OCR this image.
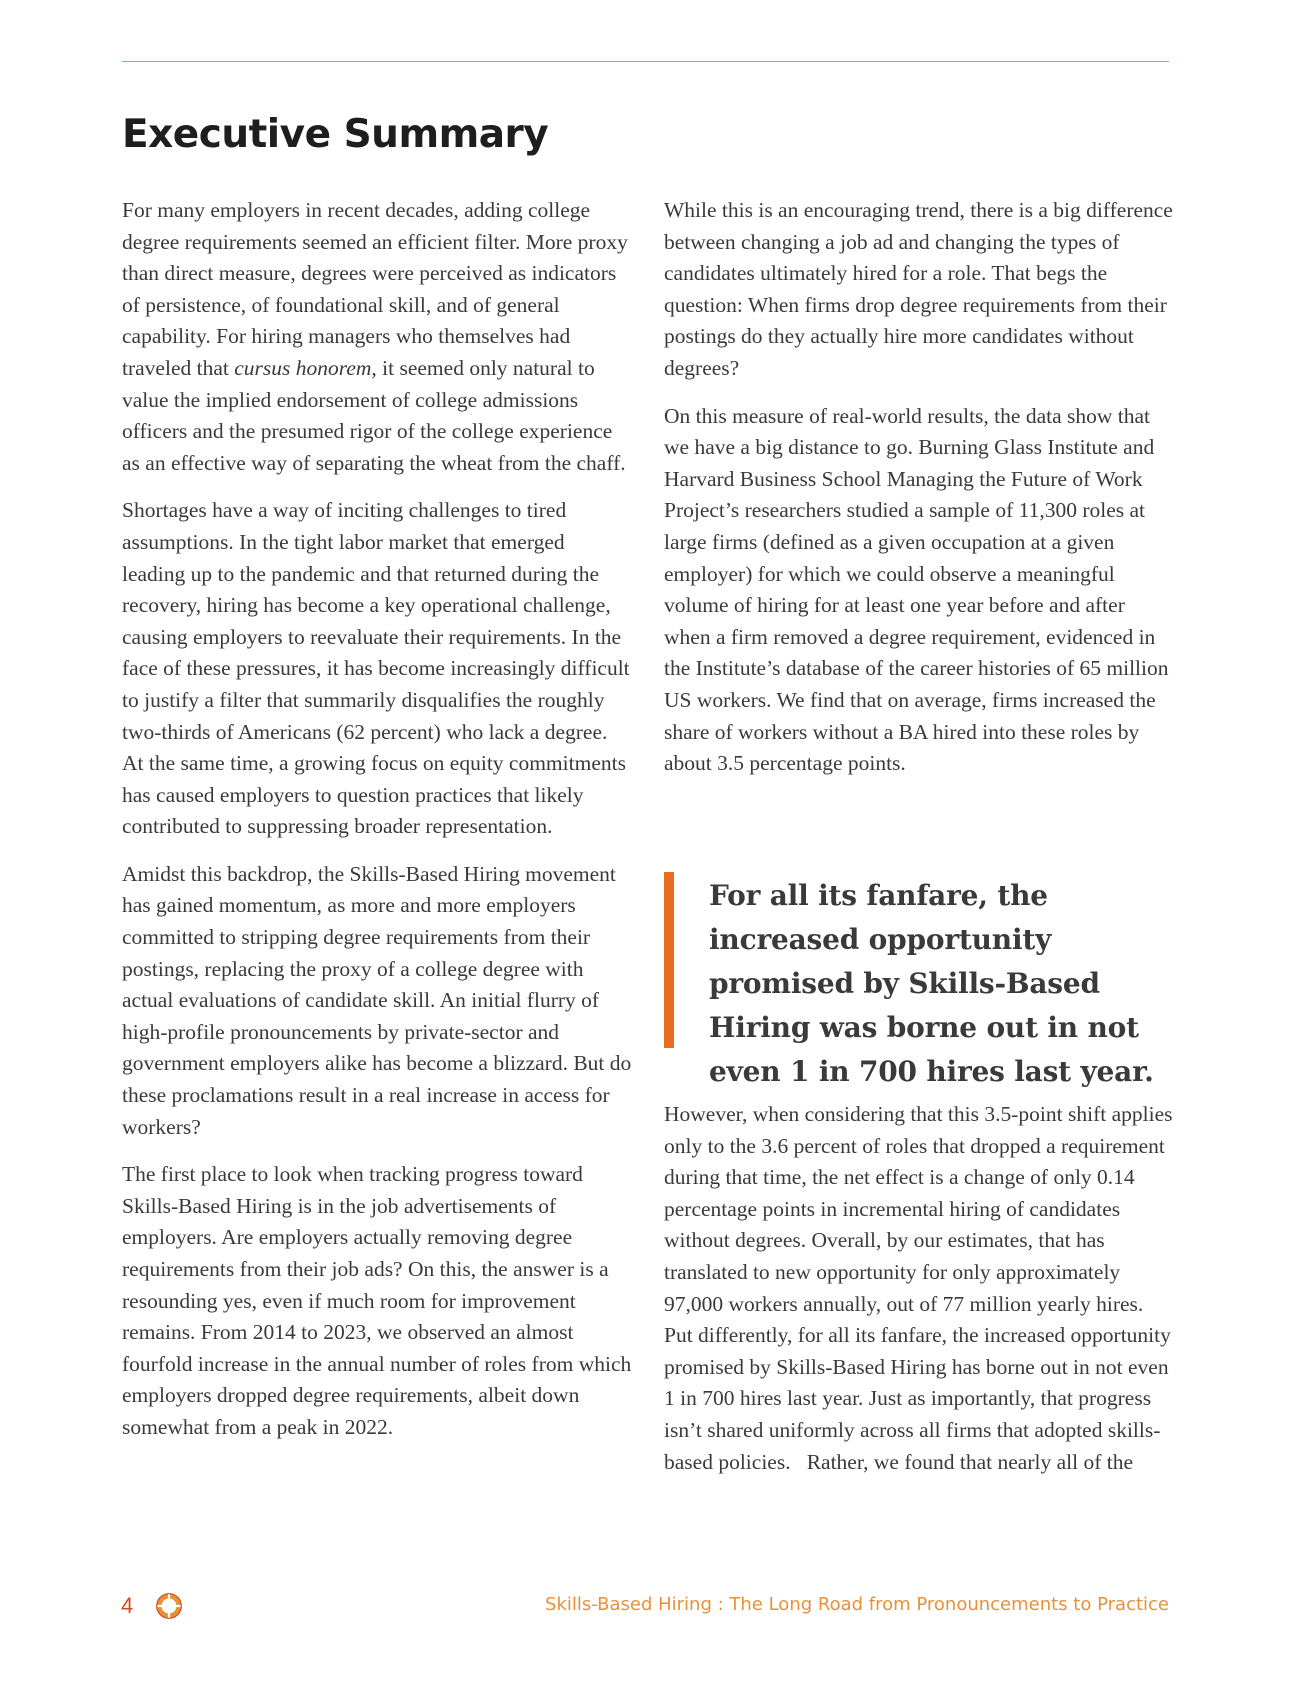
Executive Summary

For many employers in recent decades, adding college degree requirements seemed an efficient filter. More proxy than direct measure, degrees were perceived as indicators of persistence, of foundational skill, and of general capability. For hiring managers who themselves had traveled that cursus honorem, it seemed only natural to value the implied endorsement of college admissions officers and the presumed rigor of the college experience as an effective way of separating the wheat from the chaff.

Shortages have a way of inciting challenges to tired assumptions. In the tight labor market that emerged leading up to the pandemic and that returned during the recovery, hiring has become a key operational challenge, causing employers to reevaluate their requirements. In the face of these pressures, it has become increasingly difficult to justify a filter that summarily disqualifies the roughly two-thirds of Americans (62 percent) who lack a degree. At the same time, a growing focus on equity commitments has caused employers to question practices that likely contributed to suppressing broader representation.

Amidst this backdrop, the Skills-Based Hiring movement has gained momentum, as more and more employers committed to stripping degree requirements from their postings, replacing the proxy of a college degree with actual evaluations of candidate skill. An initial flurry of high-profile pronouncements by private-sector and government employers alike has become a blizzard. But do these proclamations result in a real increase in access for workers?

The first place to look when tracking progress toward Skills-Based Hiring is in the job advertisements of employers. Are employers actually removing degree requirements from their job ads? On this, the answer is a resounding yes, even if much room for improvement remains. From 2014 to 2023, we observed an almost fourfold increase in the annual number of roles from which employers dropped degree requirements, albeit down somewhat from a peak in 2022.

While this is an encouraging trend, there is a big difference between changing a job ad and changing the types of candidates ultimately hired for a role. That begs the question: When firms drop degree requirements from their postings do they actually hire more candidates without degrees?

On this measure of real-world results, the data show that we have a big distance to go. Burning Glass Institute and Harvard Business School Managing the Future of Work Project’s researchers studied a sample of 11,300 roles at large firms (defined as a given occupation at a given employer) for which we could observe a meaningful volume of hiring for at least one year before and after when a firm removed a degree requirement, evidenced in the Institute’s database of the career histories of 65 million US workers. We find that on average, firms increased the share of workers without a BA hired into these roles by about 3.5 percentage points.

For all its fanfare, the increased opportunity promised by Skills-Based Hiring was borne out in not even 1 in 700 hires last year.

However, when considering that this 3.5-point shift applies only to the 3.6 percent of roles that dropped a requirement during that time, the net effect is a change of only 0.14 percentage points in incremental hiring of candidates without degrees. Overall, by our estimates, that has translated to new opportunity for only approximately 97,000 workers annually, out of 77 million yearly hires. Put differently, for all its fanfare, the increased opportunity promised by Skills-Based Hiring has borne out in not even 1 in 700 hires last year. Just as importantly, that progress isn’t shared uniformly across all firms that adopted skills-based policies.   Rather, we found that nearly all of the

4	Skills-Based Hiring : The Long Road from Pronouncements to Practice
